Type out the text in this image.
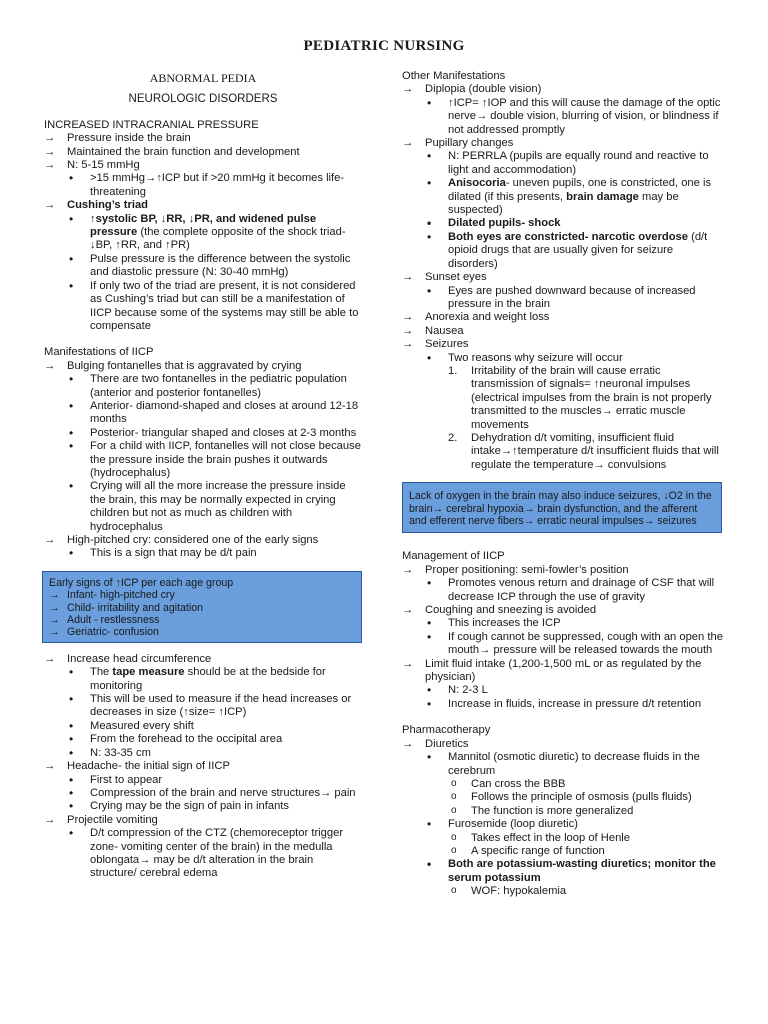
PEDIATRIC NURSING
ABNORMAL PEDIA
NEUROLOGIC DISORDERS
INCREASED INTRACRANIAL PRESSURE
→ Pressure inside the brain
→ Maintained the brain function and development
→ N: 5-15 mmHg
• >15 mmHg→↑ICP but if >20 mmHg it becomes life-threatening
→ Cushing’s triad
• ↑systolic BP, ↓RR, ↓PR, and widened pulse pressure (the complete opposite of the shock triad- ↓BP, ↑RR, and ↑PR)
• Pulse pressure is the difference between the systolic and diastolic pressure (N: 30-40 mmHg)
• If only two of the triad are present, it is not considered as Cushing’s triad but can still be a manifestation of IICP because some of the systems may still be able to compensate
Manifestations of IICP
→ Bulging fontanelles that is aggravated by crying
• There are two fontanelles in the pediatric population (anterior and posterior fontanelles)
• Anterior- diamond-shaped and closes at around 12-18 months
• Posterior- triangular shaped and closes at 2-3 months
• For a child with IICP, fontanelles will not close because the pressure inside the brain pushes it outwards (hydrocephalus)
• Crying will all the more increase the pressure inside the brain, this may be normally expected in crying children but not as much as children with hydrocephalus
→ High-pitched cry: considered one of the early signs
• This is a sign that may be d/t pain
Early signs of ↑ICP per each age group
→ Infant- high-pitched cry
→ Child- irritability and agitation
→ Adult - restlessness
→ Geriatric- confusion
→ Increase head circumference
• The tape measure should be at the bedside for monitoring
• This will be used to measure if the head increases or decreases in size (↑size= ↑ICP)
• Measured every shift
• From the forehead to the occipital area
• N: 33-35 cm
→ Headache- the initial sign of IICP
• First to appear
• Compression of the brain and nerve structures→ pain
• Crying may be the sign of pain in infants
→ Projectile vomiting
• D/t compression of the CTZ (chemoreceptor trigger zone- vomiting center of the brain) in the medulla oblongata→ may be d/t alteration in the brain structure/ cerebral edema
Other Manifestations
→ Diplopia (double vision)
• ↑ICP= ↑IOP and this will cause the damage of the optic nerve→ double vision, blurring of vision, or blindness if not addressed promptly
→ Pupillary changes
• N: PERRLA (pupils are equally round and reactive to light and accommodation)
• Anisocoria- uneven pupils, one is constricted, one is dilated (if this presents, brain damage may be suspected)
• Dilated pupils- shock
• Both eyes are constricted- narcotic overdose (d/t opioid drugs that are usually given for seizure disorders)
→ Sunset eyes
• Eyes are pushed downward because of increased pressure in the brain
→ Anorexia and weight loss
→ Nausea
→ Seizures
• Two reasons why seizure will occur
1. Irritability of the brain will cause erratic transmission of signals= ↑neuronal impulses (electrical impulses from the brain is not properly transmitted to the muscles→ erratic muscle movements
2. Dehydration d/t vomiting, insufficient fluid intake→↑temperature d/t insufficient fluids that will regulate the temperature→ convulsions
Lack of oxygen in the brain may also induce seizures, ↓O2 in the brain→ cerebral hypoxia→ brain dysfunction, and the afferent and efferent nerve fibers→ erratic neural impulses→ seizures
Management of IICP
→ Proper positioning: semi-fowler’s position
• Promotes venous return and drainage of CSF that will decrease ICP through the use of gravity
→ Coughing and sneezing is avoided
• This increases the ICP
• If cough cannot be suppressed, cough with an open the mouth→ pressure will be released towards the mouth
→ Limit fluid intake (1,200-1,500 mL or as regulated by the physician)
• N: 2-3 L
• Increase in fluids, increase in pressure d/t retention
Pharmacotherapy
→ Diuretics
• Mannitol (osmotic diuretic) to decrease fluids in the cerebrum
o Can cross the BBB
o Follows the principle of osmosis (pulls fluids)
o The function is more generalized
• Furosemide (loop diuretic)
o Takes effect in the loop of Henle
o A specific range of function
• Both are potassium-wasting diuretics; monitor the serum potassium
o WOF: hypokalemia
